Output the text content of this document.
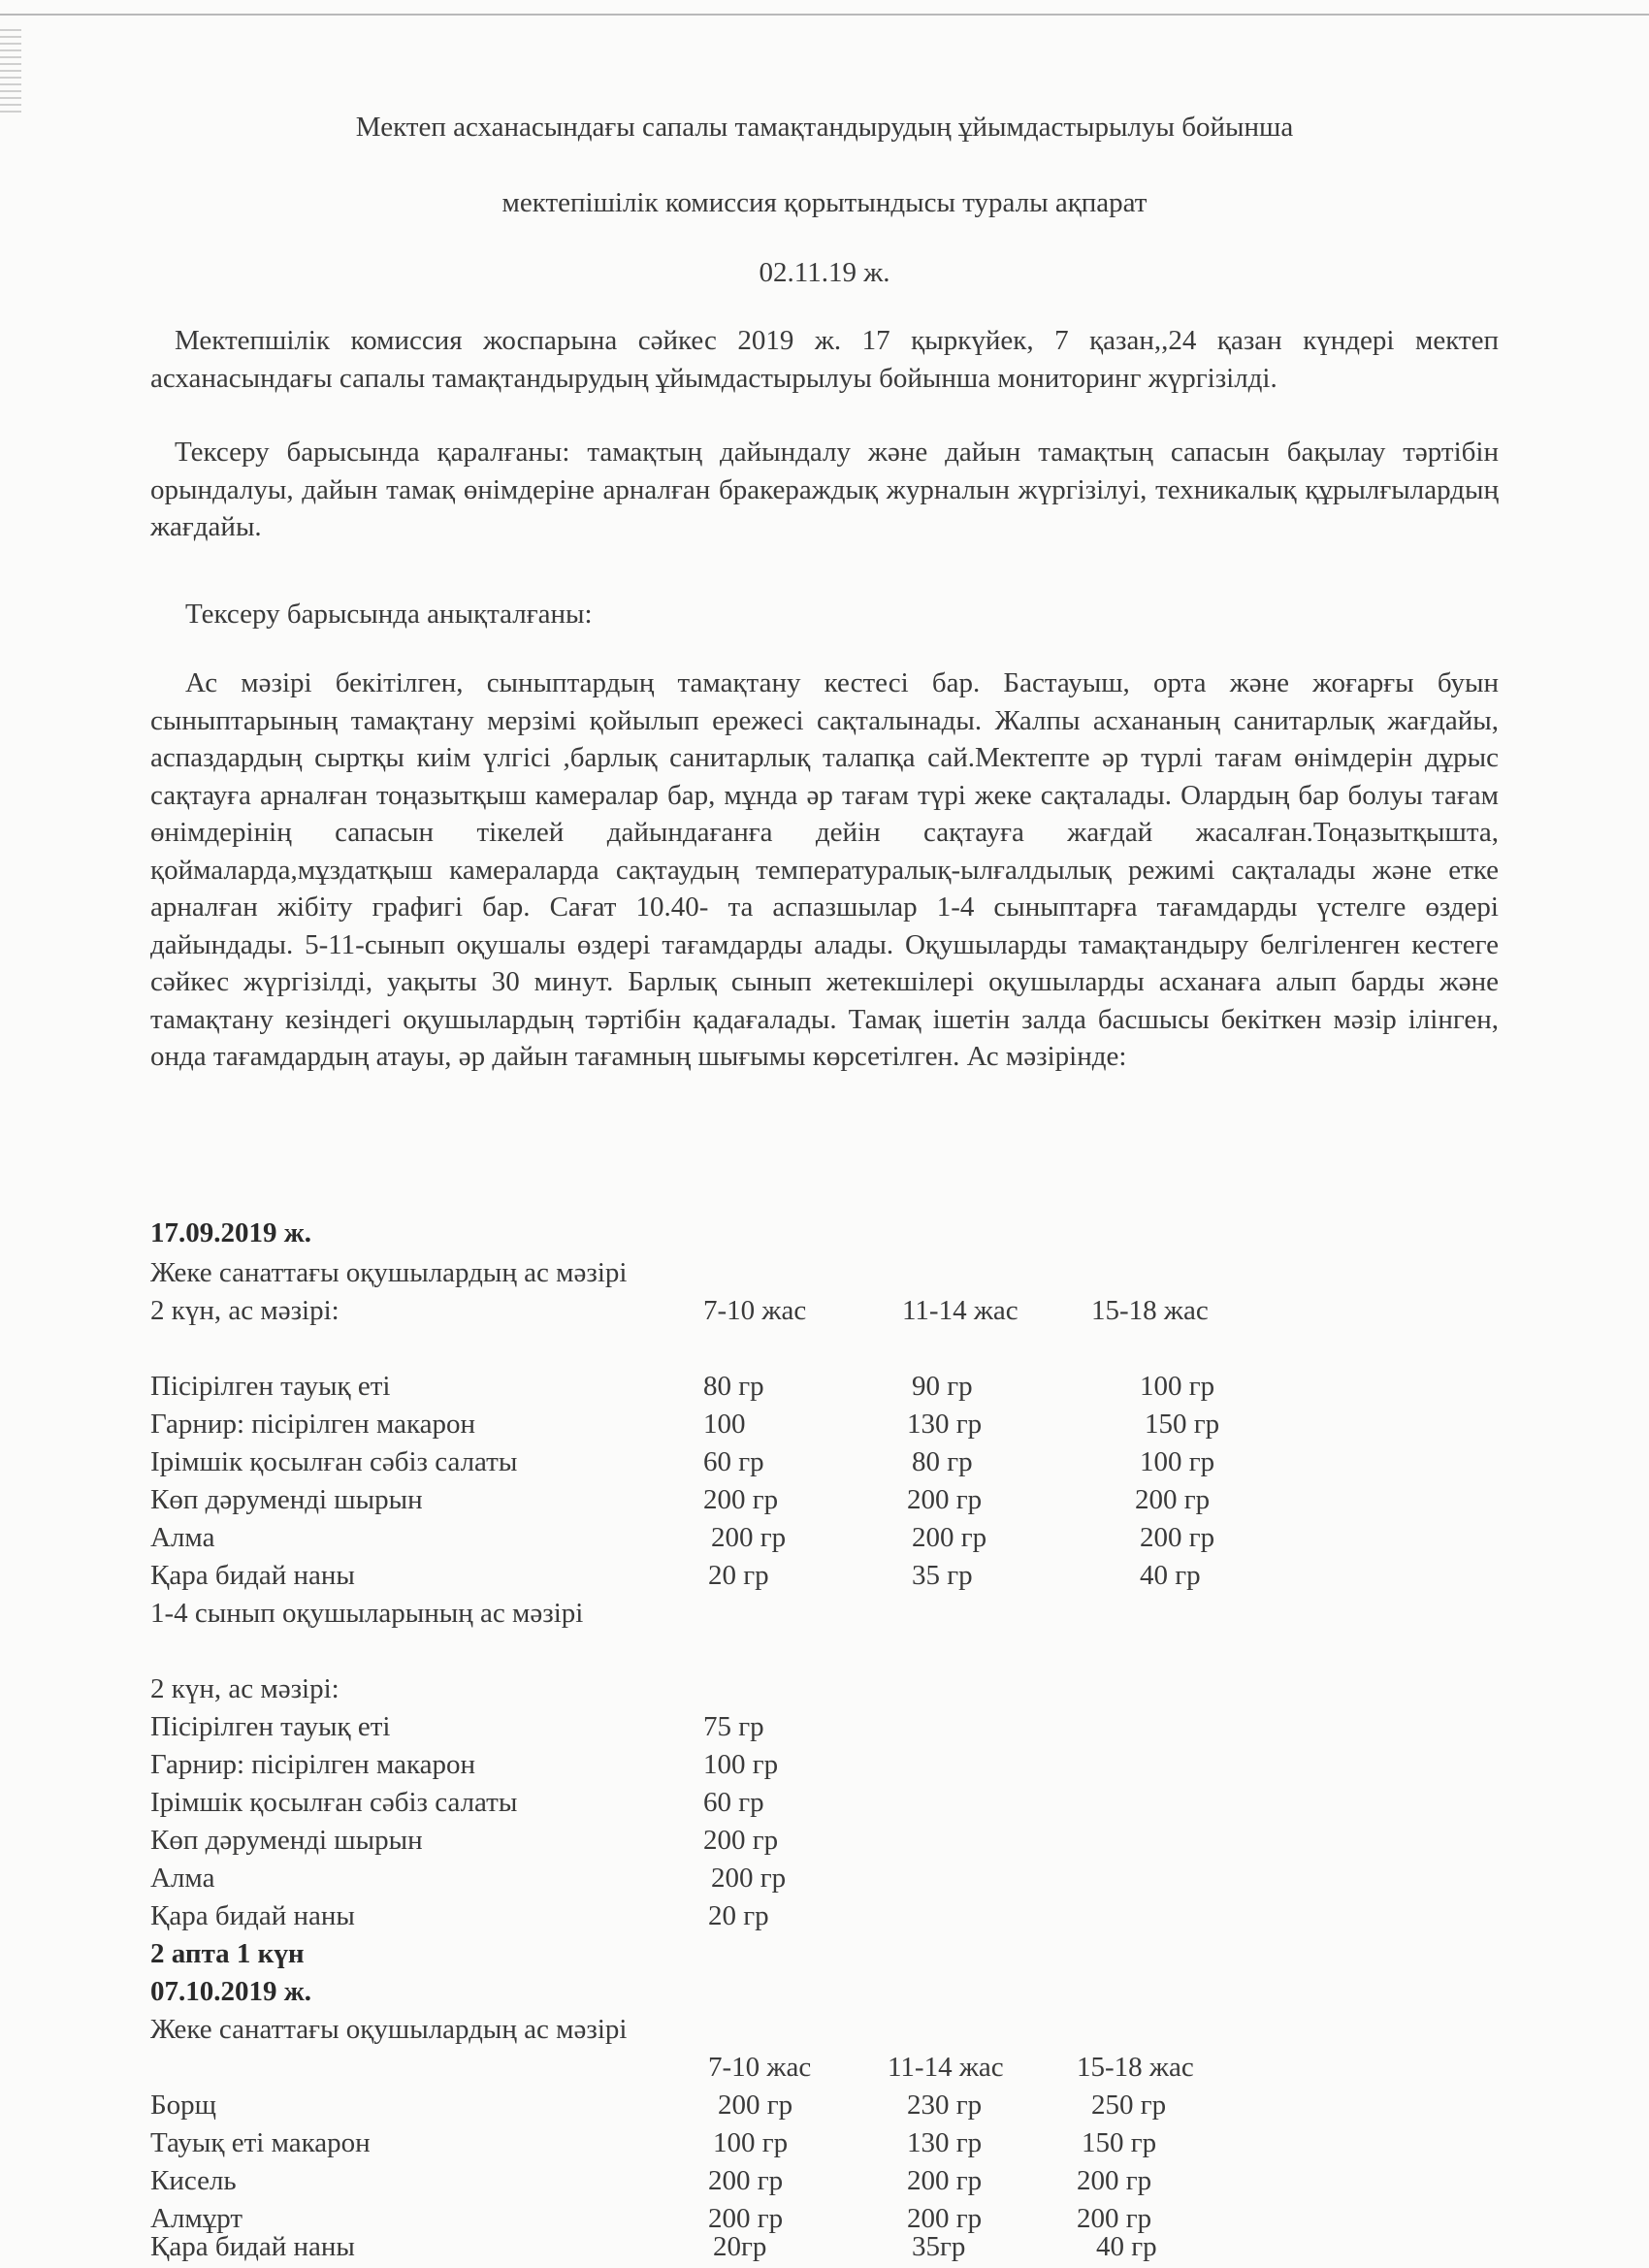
Мектеп асханасындағы сапалы тамақтандырудың ұйымдастырылуы бойынша
мектепішілік комиссия қорытындысы туралы ақпарат
02.11.19 ж.

Мектепшілік комиссия жоспарына сәйкес 2019 ж. 17 қыркүйек, 7 қазан,,24 қазан күндері мектеп асханасындағы сапалы тамақтандырудың ұйымдастырылуы бойынша мониторинг жүргізілді.

Тексеру барысында қаралғаны: тамақтың дайындалу және дайын тамақтың сапасын бақылау тәртібін орындалуы, дайын тамақ өнімдеріне арналған бракераждық журналын жүргізілуі, техникалық құрылғылардың жағдайы.

Тексеру барысында анықталғаны:

Ас мәзірі бекітілген, сыныптардың тамақтану кестесі бар. Бастауыш, орта және жоғарғы буын сыныптарының тамақтану мерзімі қойылып ережесі сақталынады. Жалпы асхананың санитарлық жағдайы, аспаздардың сыртқы киім үлгісі ,барлық санитарлық талапқа сай.Мектепте әр түрлі тағам өнімдерін дұрыс сақтауға арналған тоңазытқыш камералар бар, мұнда әр тағам түрі жеке сақталады. Олардың бар болуы тағам өнімдерінің сапасын тікелей дайындағанға дейін сақтауға жағдай жасалған.Тоңазытқышта, қоймаларда,мұздатқыш камераларда сақтаудың температуралық-ылғалдылық режимі сақталады және етке арналған жібіту графигі бар. Сағат 10.40- та аспазшылар 1-4 сыныптарға тағамдарды үстелге өздері дайындады. 5-11-сынып оқушалы өздері тағамдарды алады. Оқушыларды тамақтандыру белгіленген кестеге сәйкес жүргізілді, уақыты 30 минут. Барлық сынып жетекшілері оқушыларды асханаға алып барды және тамақтану кезіндегі оқушылардың тәртібін қадағалады. Тамақ ішетін залда басшысы бекіткен мәзір ілінген, онда тағамдардың атауы, әр дайын тағамның шығымы көрсетілген. Ас мәзірінде:

17.09.2019 ж.
Жеке санаттағы оқушылардың ас мәзірі
2 күн, ас мәзірі:	7-10 жас	11-14 жас	15-18 жас
Пісірілген тауық еті	80 гр	90 гр	100 гр
Гарнир: пісірілген макарон	100	130 гр	150 гр
Ірімшік қосылған сәбіз салаты	60 гр	80 гр	100 гр
Көп дәруменді шырын	200 гр	200 гр	200 гр
Алма	200 гр	200 гр	200 гр
Қара бидай наны	20 гр	35 гр	40 гр
1-4 сынып оқушыларының ас мәзірі
2 күн, ас мәзірі:
Пісірілген тауық еті	75 гр
Гарнир: пісірілген макарон	100 гр
Ірімшік қосылған сәбіз салаты	60 гр
Көп дәруменді шырын	200 гр
Алма	200 гр
Қара бидай наны	20 гр
2 апта 1 күн
07.10.2019 ж.
Жеке санаттағы оқушылардың ас мәзірі
7-10 жас	11-14 жас	15-18 жас
Борщ	200 гр	230 гр	250 гр
Тауық еті макарон	100 гр	130 гр	150 гр
Кисель	200 гр	200 гр	200 гр
Алмұрт	200 гр	200 гр	200 гр
Қара бидай наны	20гр	35гр	40 гр
